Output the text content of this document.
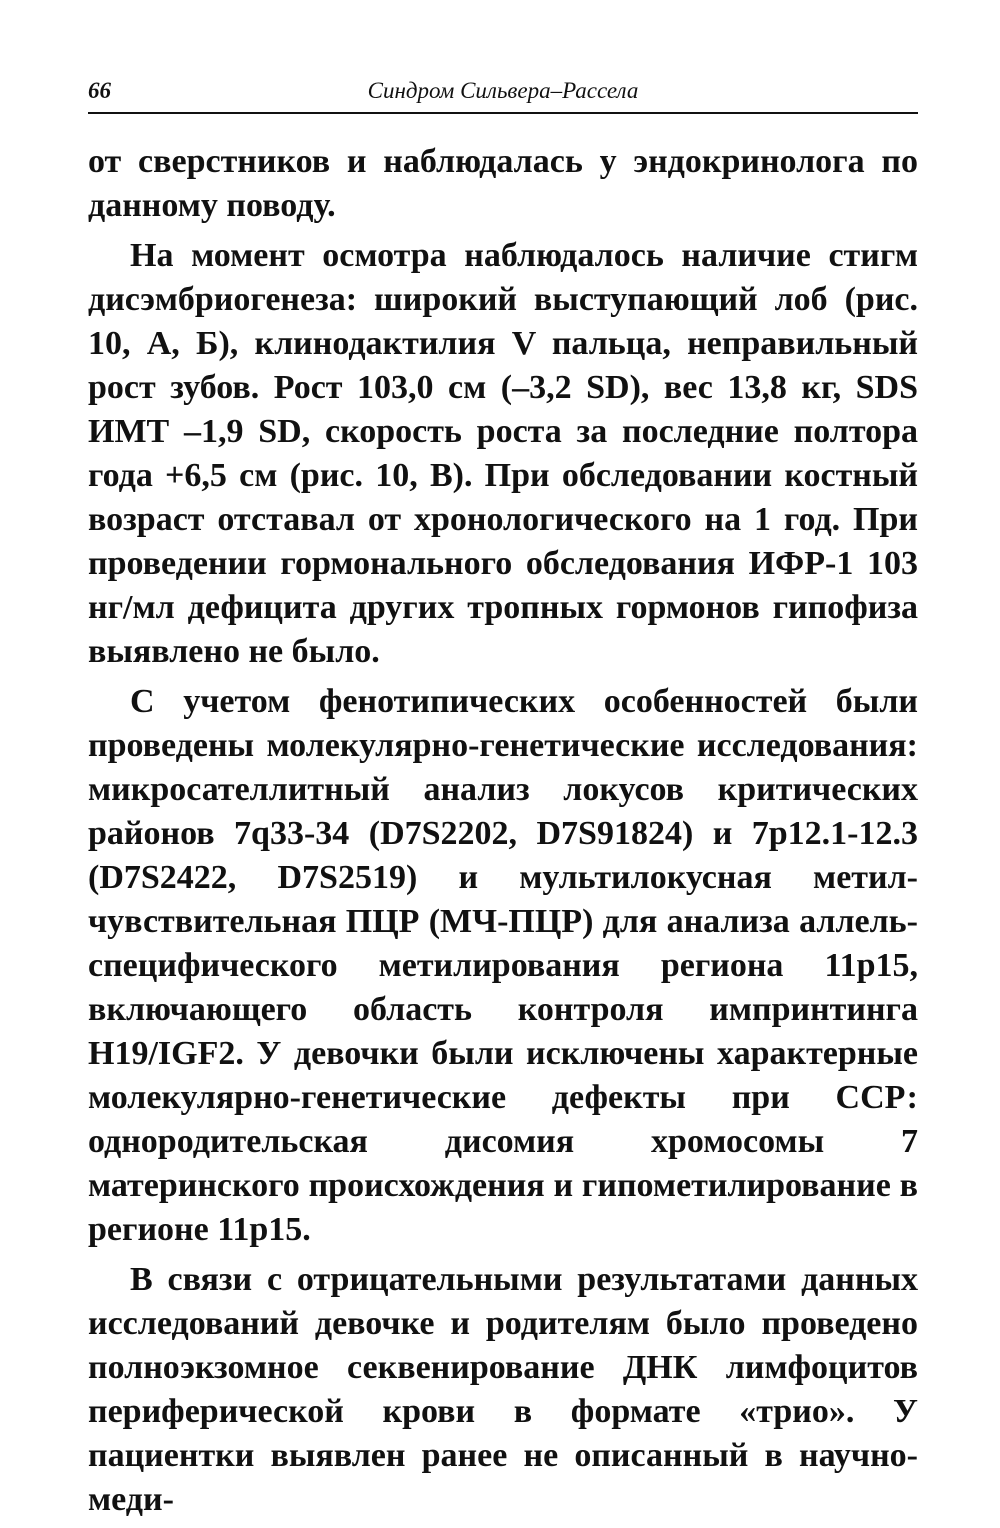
66	Синдром Сильвера–Рассела

от сверстников и наблюдалась у эндокринолога по данному поводу.

На момент осмотра наблюдалось наличие стигм дисэмбриогенеза: широкий выступающий лоб (рис. 10, А, Б), клинодактилия V пальца, неправильный рост зубов. Рост 103,0 см (–3,2 SD), вес 13,8 кг, SDS ИМТ –1,9 SD, скорость роста за последние полтора года +6,5 см (рис. 10, В). При обследовании костный возраст отставал от хронологического на 1 год. При проведении гормонального обследования ИФР-1 103 нг/мл дефицита других тропных гормонов гипофиза выявлено не было.

С учетом фенотипических особенностей были проведены молекулярно-генетические исследования: микросателлитный анализ локусов критических районов 7q33-34 (D7S2202, D7S91824) и 7p12.1-12.3 (D7S2422, D7S2519) и мультилокусная метил-чувствительная ПЦР (МЧ-ПЦР) для анализа аллель-специфического метилирования региона 11p15, включающего область контроля импринтинга H19/IGF2. У девочки были исключены характерные молекулярно-генетические дефекты при ССР: однородительская дисомия хромосомы 7 материнского происхождения и гипометилирование в регионе 11p15.

В связи с отрицательными результатами данных исследований девочке и родителям было проведено полноэкзомное секвенирование ДНК лимфоцитов периферической крови в формате «трио». У пациентки выявлен ранее не описанный в научно-меди-
